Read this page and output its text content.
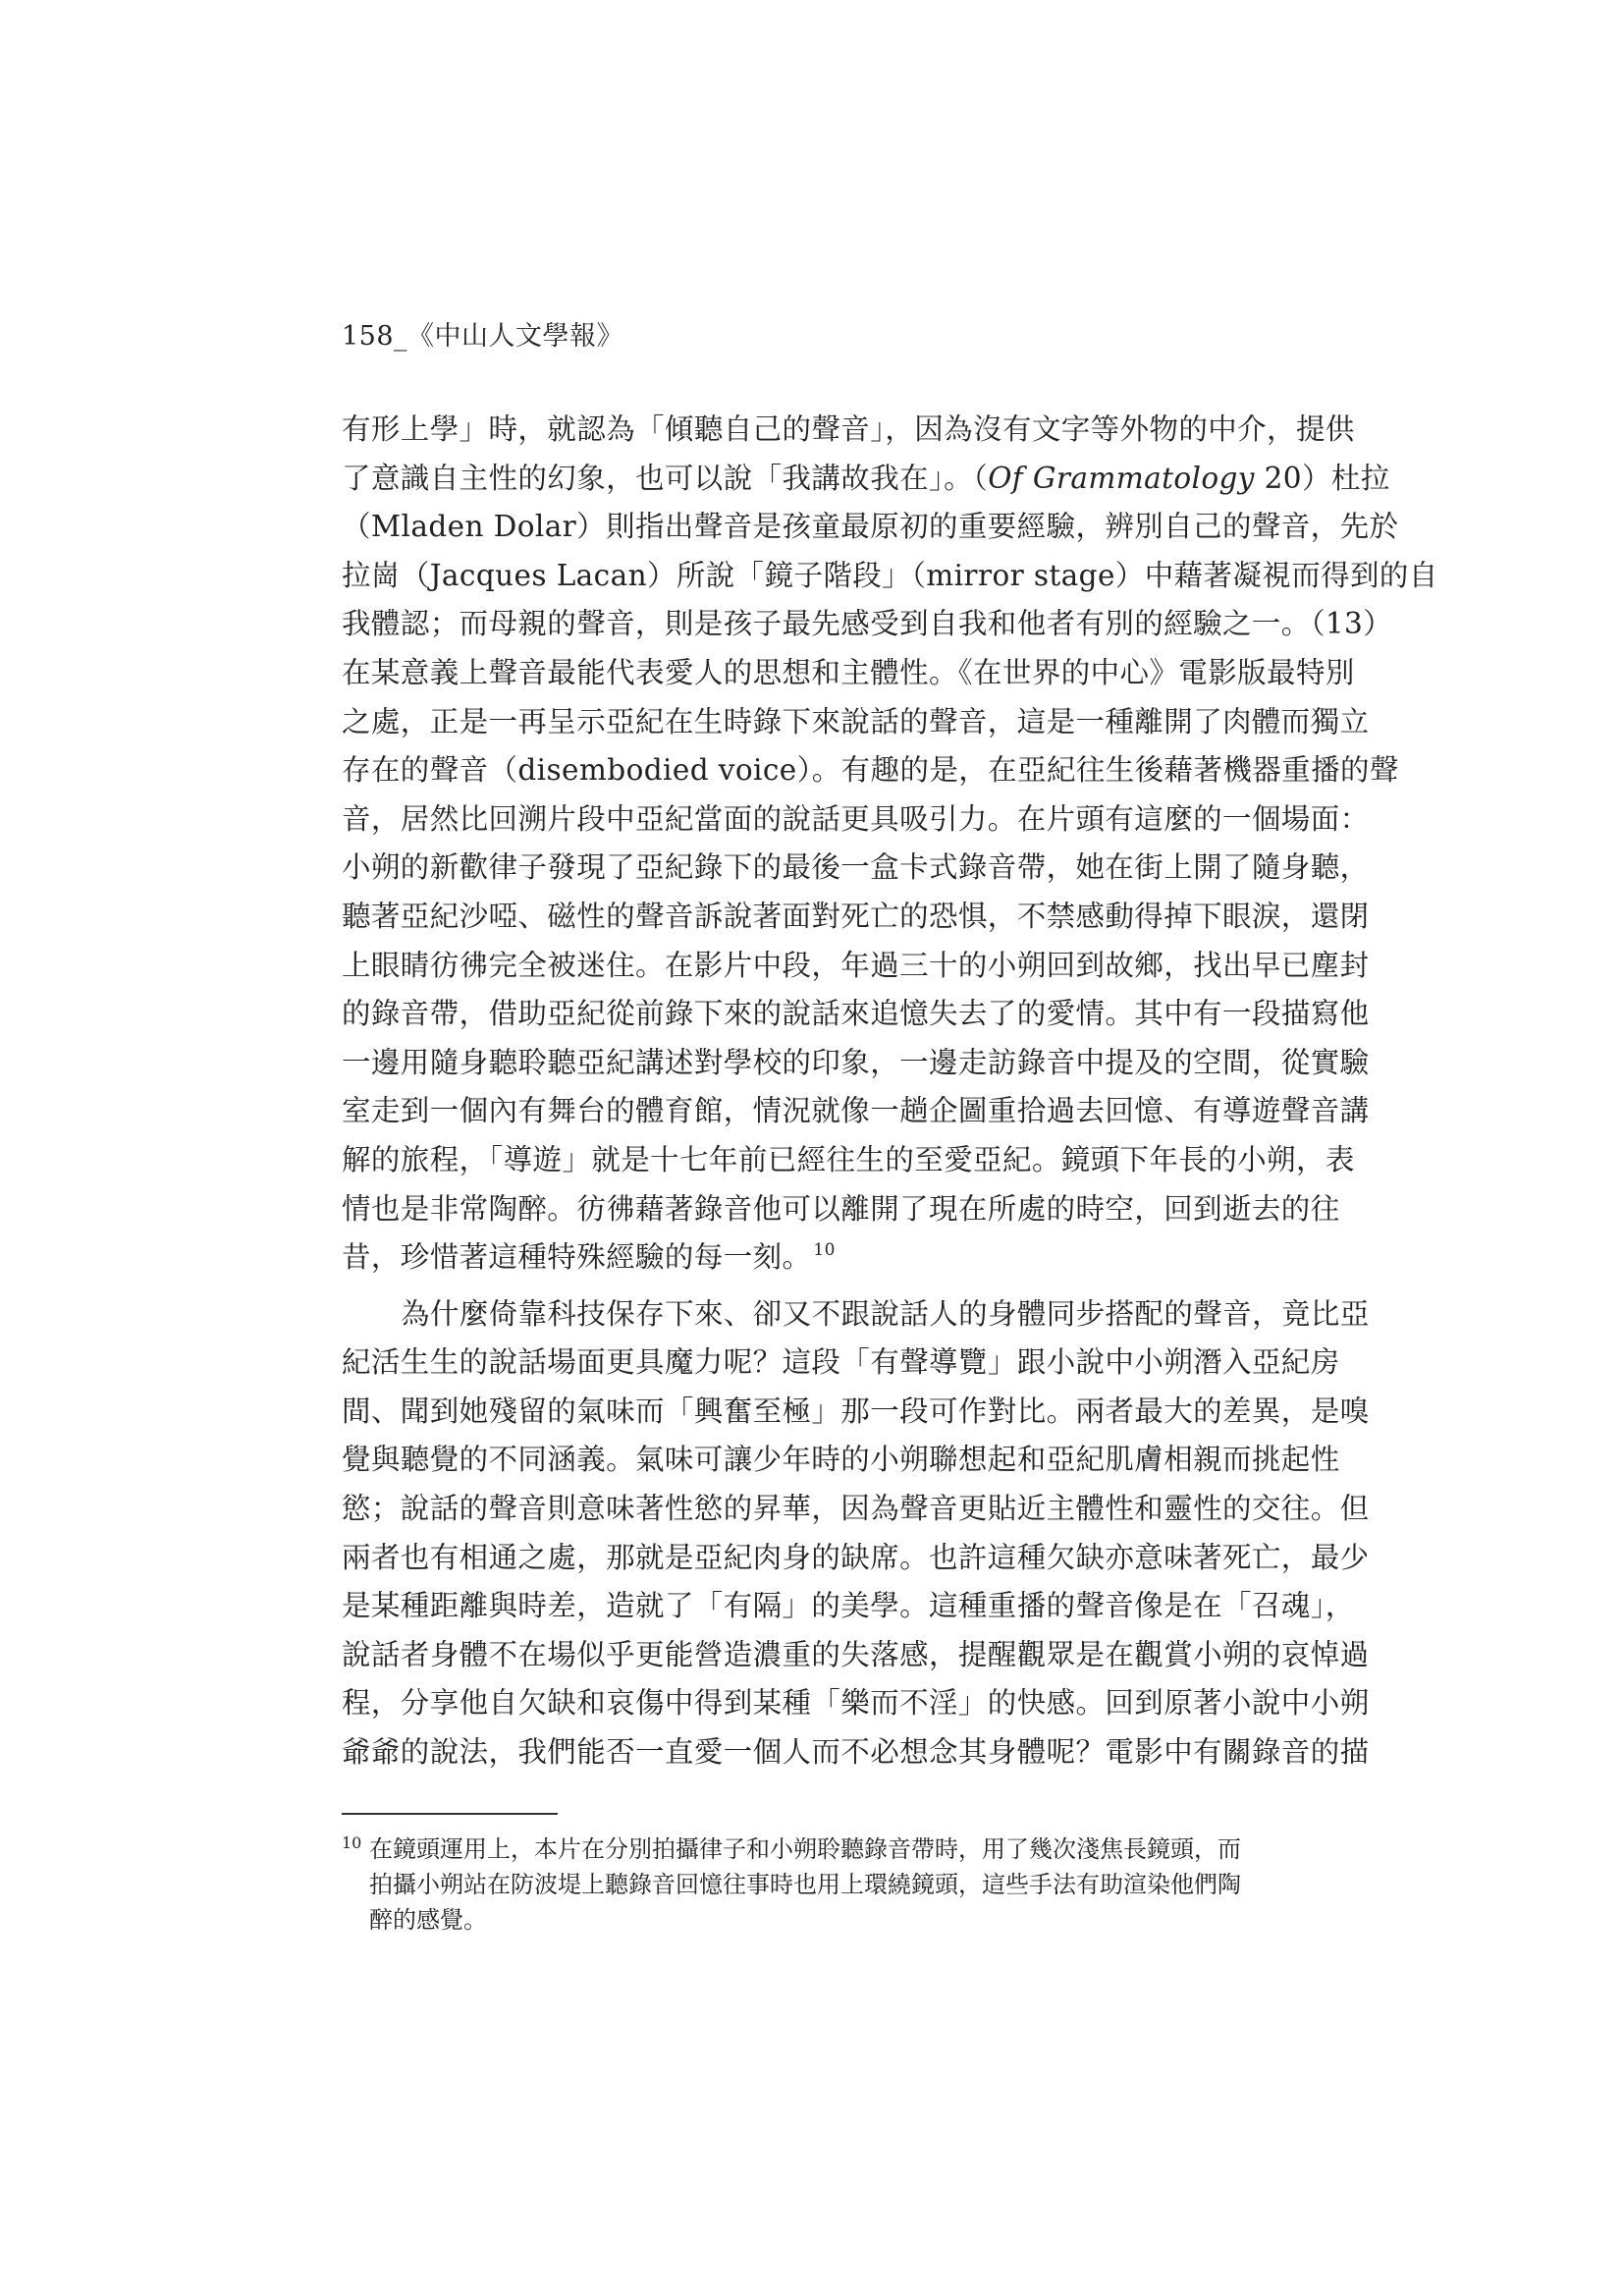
158_《中山人文學報》
有形上學」時，就認為「傾聽自己的聲音」，因為沒有文字等外物的中介，提供
了意識自主性的幻象，也可以說「我講故我在」。（Of Grammatology 20）杜拉
（Mladen Dolar）則指出聲音是孩童最原初的重要經驗，辨別自己的聲音，先於
拉崗（Jacques Lacan）所說「鏡子階段」（mirror stage）中藉著凝視而得到的自
我體認；而母親的聲音，則是孩子最先感受到自我和他者有別的經驗之一。（13）
在某意義上聲音最能代表愛人的思想和主體性。《在世界的中心》電影版最特別
之處，正是一再呈示亞紀在生時錄下來說話的聲音，這是一種離開了肉體而獨立
存在的聲音（disembodied voice）。有趣的是，在亞紀往生後藉著機器重播的聲
音，居然比回溯片段中亞紀當面的說話更具吸引力。在片頭有這麼的一個場面：
小朔的新歡律子發現了亞紀錄下的最後一盒卡式錄音帶，她在街上開了隨身聽，
聽著亞紀沙啞、磁性的聲音訴說著面對死亡的恐惧，不禁感動得掉下眼淚，還閉
上眼睛彷彿完全被迷住。在影片中段，年過三十的小朔回到故鄉，找出早已塵封
的錄音帶，借助亞紀從前錄下來的說話來追憶失去了的愛情。其中有一段描寫他
一邊用隨身聽聆聽亞紀講述對學校的印象，一邊走訪錄音中提及的空間，從實驗
室走到一個內有舞台的體育館，情況就像一趟企圖重拾過去回憶、有導遊聲音講
解的旅程，「導遊」就是十七年前已經往生的至愛亞紀。鏡頭下年長的小朔，表
情也是非常陶醉。彷彿藉著錄音他可以離開了現在所處的時空，回到逝去的往
昔，珍惜著這種特殊經驗的每一刻。 $^{10}$
為什麼倚靠科技保存下來、卻又不跟說話人的身體同步搭配的聲音，竟比亞
紀活生生的說話場面更具魔力呢？這段「有聲導覽」跟小說中小朔潛入亞紀房
間、聞到她殘留的氣味而「興奮至極」那一段可作對比。兩者最大的差異，是嗅
覺與聽覺的不同涵義。氣味可讓少年時的小朔聯想起和亞紀肌膚相親而挑起性
慾；說話的聲音則意味著性慾的昇華，因為聲音更貼近主體性和靈性的交往。但
兩者也有相通之處，那就是亞紀肉身的缺席。也許這種欠缺亦意味著死亡，最少
是某種距離與時差，造就了「有隔」的美學。這種重播的聲音像是在「召魂」，
說話者身體不在場似乎更能營造濃重的失落感，提醒觀眾是在觀賞小朔的哀悼過
程，分享他自欠缺和哀傷中得到某種「樂而不淫」的快感。回到原著小說中小朔
爺爺的說法，我們能否一直愛一個人而不必想念其身體呢？電影中有關錄音的描
10 在鏡頭運用上，本片在分別拍攝律子和小朔聆聽錄音帶時，用了幾次淺焦長鏡頭，而
拍攝小朔站在防波堤上聽錄音回憶往事時也用上環繞鏡頭，這些手法有助渲染他們陶
醉的感覺。
